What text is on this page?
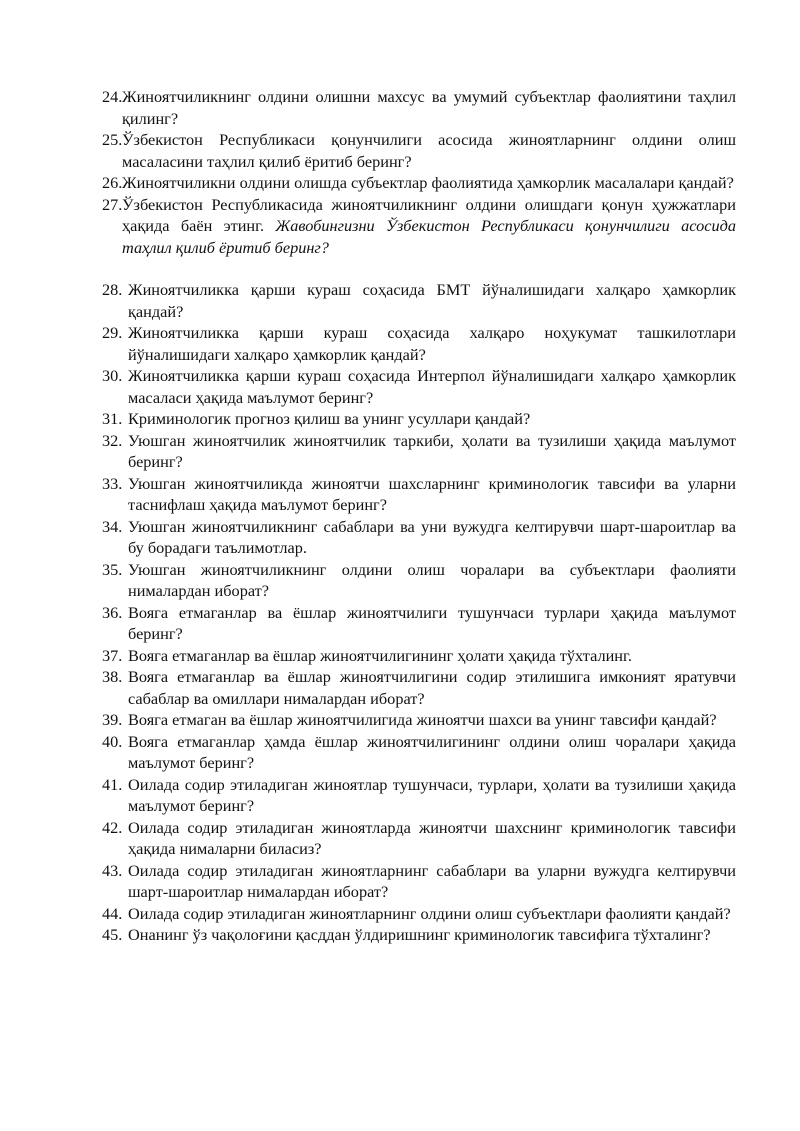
24. Жиноятчиликнинг олдини олишни махсус ва умумий субъектлар фаолиятини таҳлил қилинг?
25. Ўзбекистон Республикаси қонунчилиги асосида жиноятларнинг олдини олиш масаласини таҳлил қилиб ёритиб беринг?
26. Жиноятчиликни олдини олишда субъектлар фаолиятида ҳамкорлик масалалари қандай?
27. Ўзбекистон Республикасида жиноятчиликнинг олдини олишдаги қонун ҳужжатлари ҳақида баён этинг. Жавобингизни Ўзбекистон Республикаси қонунчилиги асосида таҳлил қилиб ёритиб беринг?
28. Жиноятчиликка қарши кураш соҳасида БМТ йўналишидаги халқаро ҳамкорлик қандай?
29. Жиноятчиликка қарши кураш соҳасида халқаро ноҳукумат ташкилотлари йўналишидаги халқаро ҳамкорлик қандай?
30. Жиноятчиликка қарши кураш соҳасида Интерпол йўналишидаги халқаро ҳамкорлик масаласи ҳақида маълумот беринг?
31. Криминологик прогноз қилиш ва унинг усуллари қандай?
32. Уюшган жиноятчилик жиноятчилик таркиби, ҳолати ва тузилиши ҳақида маълумот беринг?
33. Уюшган жиноятчиликда жиноятчи шахсларнинг криминологик тавсифи ва уларни таснифлаш ҳақида маълумот беринг?
34. Уюшган жиноятчиликнинг сабаблари ва уни вужудга келтирувчи шарт-шароитлар ва бу борадаги таълимотлар.
35. Уюшган жиноятчиликнинг олдини олиш чоралари ва субъектлари фаолияти нималардан иборат?
36. Вояга етмаганлар ва ёшлар жиноятчилиги тушунчаси турлари ҳақида маълумот беринг?
37. Вояга етмаганлар ва ёшлар жиноятчилигининг ҳолати ҳақида тўхталинг.
38. Вояга етмаганлар ва ёшлар жиноятчилигини содир этилишига имконият яратувчи сабаблар ва омиллари нималардан иборат?
39. Вояга етмаган ва ёшлар жиноятчилигида жиноятчи шахси ва унинг тавсифи қандай?
40. Вояга етмаганлар ҳамда ёшлар жиноятчилигининг олдини олиш чоралари ҳақида маълумот беринг?
41. Оилада содир этиладиган жиноятлар тушунчаси, турлари, ҳолати ва тузилиши ҳақида маълумот беринг?
42. Оилада содир этиладиган жиноятларда жиноятчи шахснинг криминологик тавсифи ҳақида нималарни биласиз?
43. Оилада содир этиладиган жиноятларнинг сабаблари ва уларни вужудга келтирувчи шарт-шароитлар нималардан иборат?
44. Оилада содир этиладиган жиноятларнинг олдини олиш субъектлари фаолияти қандай?
45. Онанинг ўз чақолоғини қасддан ўлдиришнинг криминологик тавсифига тўхталинг?
